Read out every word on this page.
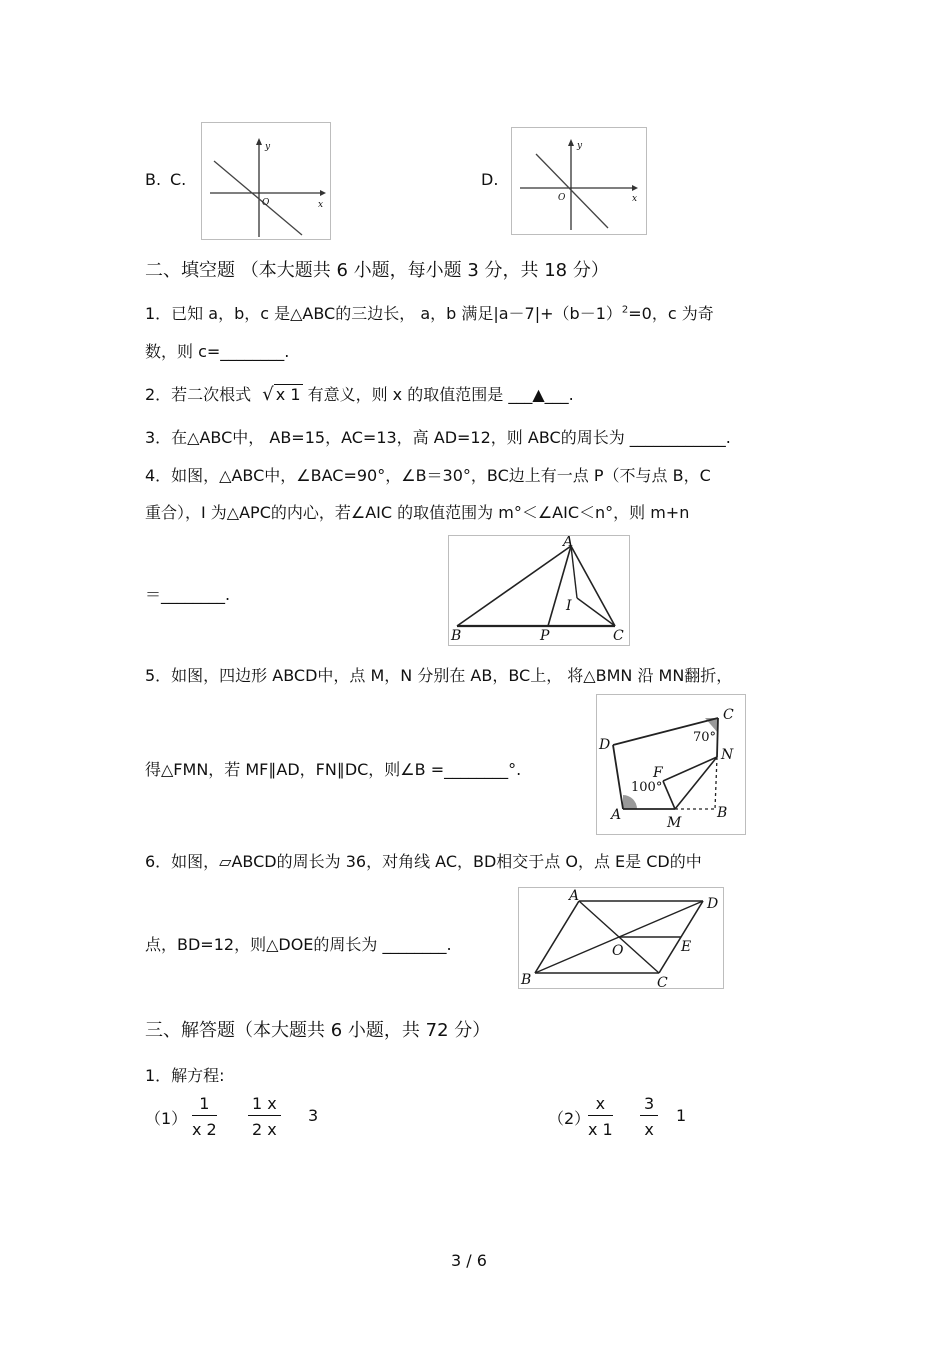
B. C.
y
x
O
D.
y
x
O
二、填空题 （本大题共 6 小题，每小题 3 分，共 18 分）
1．已知 a，b，c 是△ABC的三边长， a，b 满足$|a-7|+(b-1)^2=0$，c 为奇
数，则 c=________.
2．若二次根式 √ x 1 有意义，则 x 的取值范围是 ___▲___.
3．在△ABC中， AB=15，AC=13，高 AD=12，则 ABC的周长为 ____________.
4．如图，△ABC中，∠BAC=90°，∠B＝30°，BC边上有一点 P（不与点 B，C
重合），I 为△APC的内心，若∠AIC 的取值范围为 m°＜∠AIC＜n°，则 m+n
＝________.
A
B	C
P
I
5．如图，四边形 ABCD中，点 M，N 分别在 AB，BC上， 将△BMN 沿 MN翻折，
得△FMN，若 MF∥AD，FN∥DC，则∠B =________°.
C
D
N
F
A	M
B
70°
100°
6．如图，▱ABCD的周长为 36，对角线 AC，BD相交于点 O，点 E是 CD的中
点，BD=12，则△DOE的周长为 ________.
A
B	C
D
O	E
三、解答题（本大题共 6 小题，共 72 分）
1．解方程:
$(1) \frac{1}{x 2} \frac{1 x}{2 x} 3$	（2）
$\frac{x}{x 1} \frac{3}{x} 1$
3 / 6
